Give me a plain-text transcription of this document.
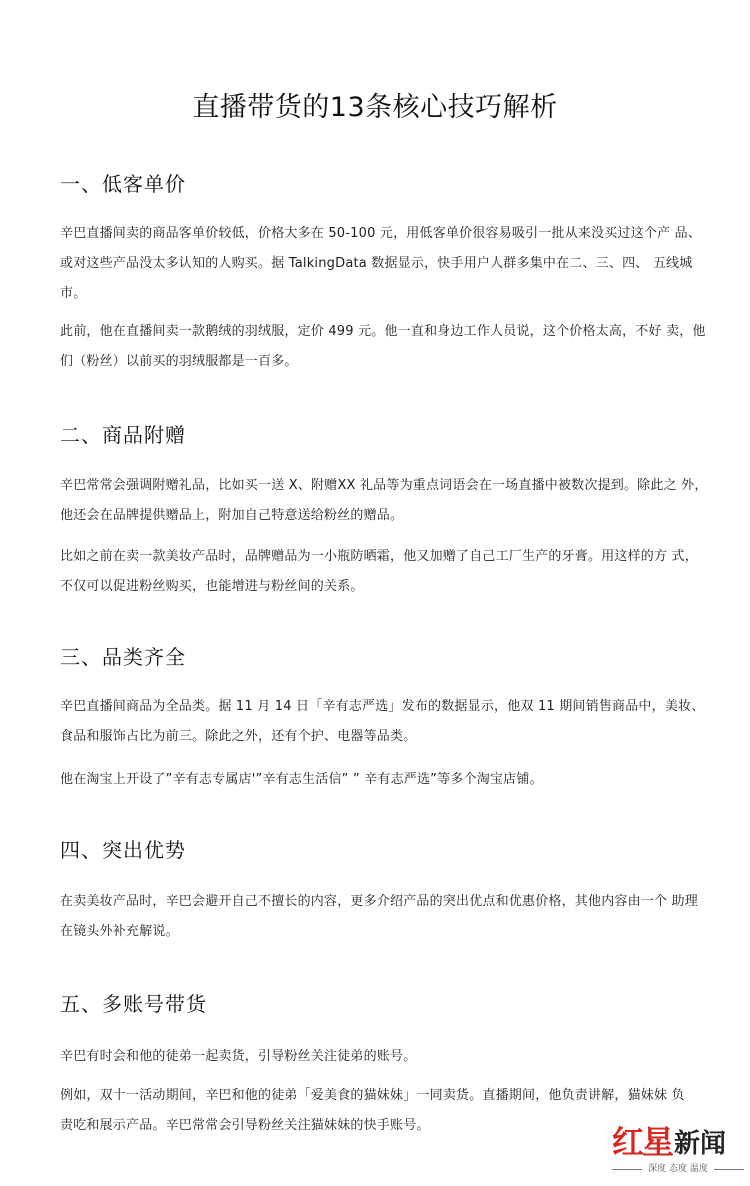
直播带货的13条核心技巧解析
一、低客单价
辛巴直播间卖的商品客单价较低，价格大多在 50-100 元，用低客单价很容易吸引一批从来没买过这个产 品、或对这些产品没太多认知的人购买。据 TalkingData 数据显示，快手用户人群多集中在二、三、四、 五线城市。
此前，他在直播间卖一款鹅绒的羽绒服，定价 499 元。他一直和身边工作人员说，这个价格太高，不好 卖，他们（粉丝）以前买的羽绒服都是一百多。
二、商品附赠
辛巴常常会强调附赠礼品，比如买一送 X、附赠XX 礼品等为重点词语会在一场直播中被数次提到。除此之 外，他还会在品牌提供赠品上，附加自己特意送给粉丝的赠品。
比如之前在卖一款美妆产品时，品牌赠品为一小瓶防晒霜，他又加赠了自己工厂生产的牙膏。用这样的方 式，不仅可以促进粉丝购买，也能增进与粉丝间的关系。
三、品类齐全
辛巴直播间商品为全品类。据 11 月 14 日「辛有志严选」发布的数据显示，他双 11 期间销售商品中，美妆、食品和服饰占比为前三。除此之外，还有个护、电器等品类。
他在淘宝上开设了”辛有志专属店'”辛有志生活信” ” 辛有志严选”等多个淘宝店铺。
四、突出优势
在卖美妆产品时，辛巴会避开自己不擅长的内容，更多介绍产品的突出优点和优惠价格，其他内容由一个 助理在镜头外补充解说。
五、多账号带货
辛巴有时会和他的徒弟一起卖货，引导粉丝关注徒弟的账号。
例如，双十一活动期间，辛巴和他的徒弟「爱美食的猫妹妹」一同卖货。直播期间，他负责讲解，猫妹妹 负责吃和展示产品。辛巴常常会引导粉丝关注猫妹妹的快手账号。	红星 新闻
深度 态度 温度
